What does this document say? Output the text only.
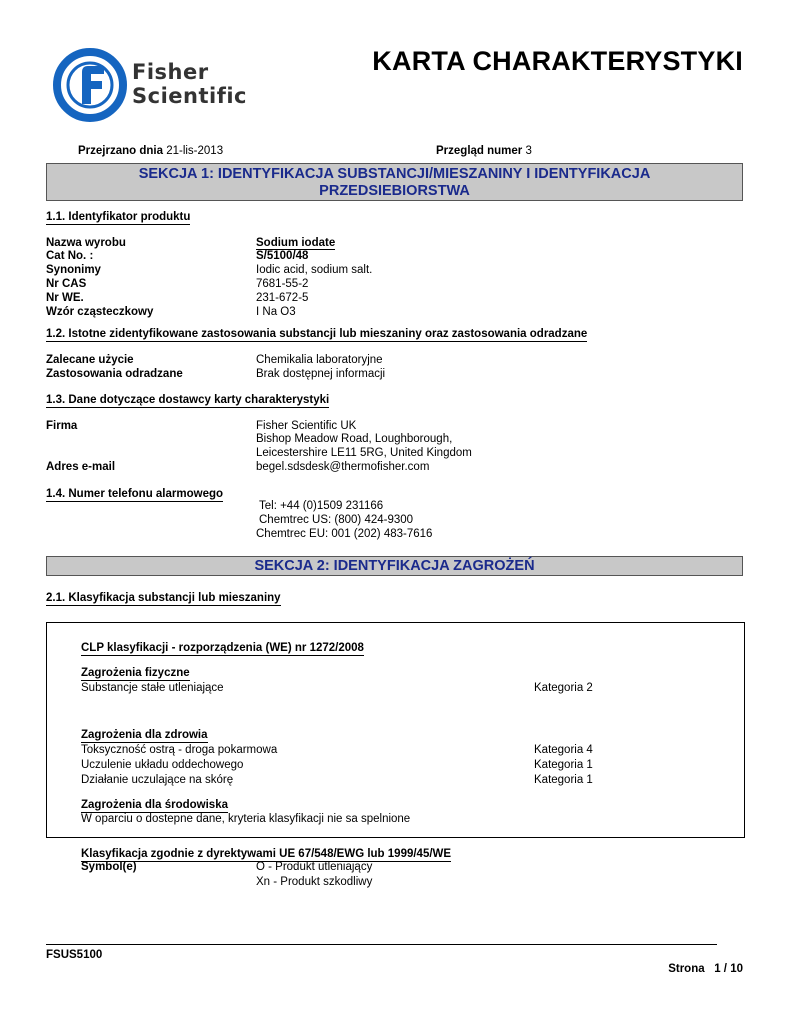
Fisher
Scientific
KARTA CHARAKTERYSTYKI
Przejrzano dnia 21-lis-2013	Przegląd numer 3
SEKCJA 1: IDENTYFIKACJA SUBSTANCJI/MIESZANINY I IDENTYFIKACJA
PRZEDSIEBIORSTWA
1.1. Identyfikator produktu
Nazwa wyrobu	Sodium iodate
Cat No. :	S/5100/48
Synonimy	Iodic acid, sodium salt.
Nr CAS	7681-55-2
Nr WE.	231-672-5
Wzór cząsteczkowy	I Na O3
1.2. Istotne zidentyfikowane zastosowania substancji lub mieszaniny oraz zastosowania odradzane
Zalecane użycie	Chemikalia laboratoryjne
Zastosowania odradzane	Brak dostępnej informacji
1.3. Dane dotyczące dostawcy karty charakterystyki
Firma	Fisher Scientific UK
Bishop Meadow Road, Loughborough,
Leicestershire LE11 5RG, United Kingdom
Adres e-mail	begel.sdsdesk@thermofisher.com
1.4. Numer telefonu alarmowego
Tel: +44 (0)1509 231166
Chemtrec US: (800) 424-9300
Chemtrec EU: 001 (202) 483-7616
SEKCJA 2: IDENTYFIKACJA ZAGROŻEŃ
2.1. Klasyfikacja substancji lub mieszaniny
CLP klasyfikacji - rozporządzenia (WE) nr 1272/2008
Zagrożenia fizyczne
Substancje stałe utleniające	Kategoria 2
Zagrożenia dla zdrowia
Toksyczność ostrą - droga pokarmowa	Kategoria 4
Uczulenie układu oddechowego	Kategoria 1
Działanie uczulające na skórę	Kategoria 1
Zagrożenia dla środowiska
W oparciu o dostepne dane, kryteria klasyfikacji nie sa spelnione
Klasyfikacja zgodnie z dyrektywami UE 67/548/EWG lub 1999/45/WE
Symbol(e)	O - Produkt utleniający
Xn - Produkt szkodliwy
FSUS5100
Strona 1 / 10
